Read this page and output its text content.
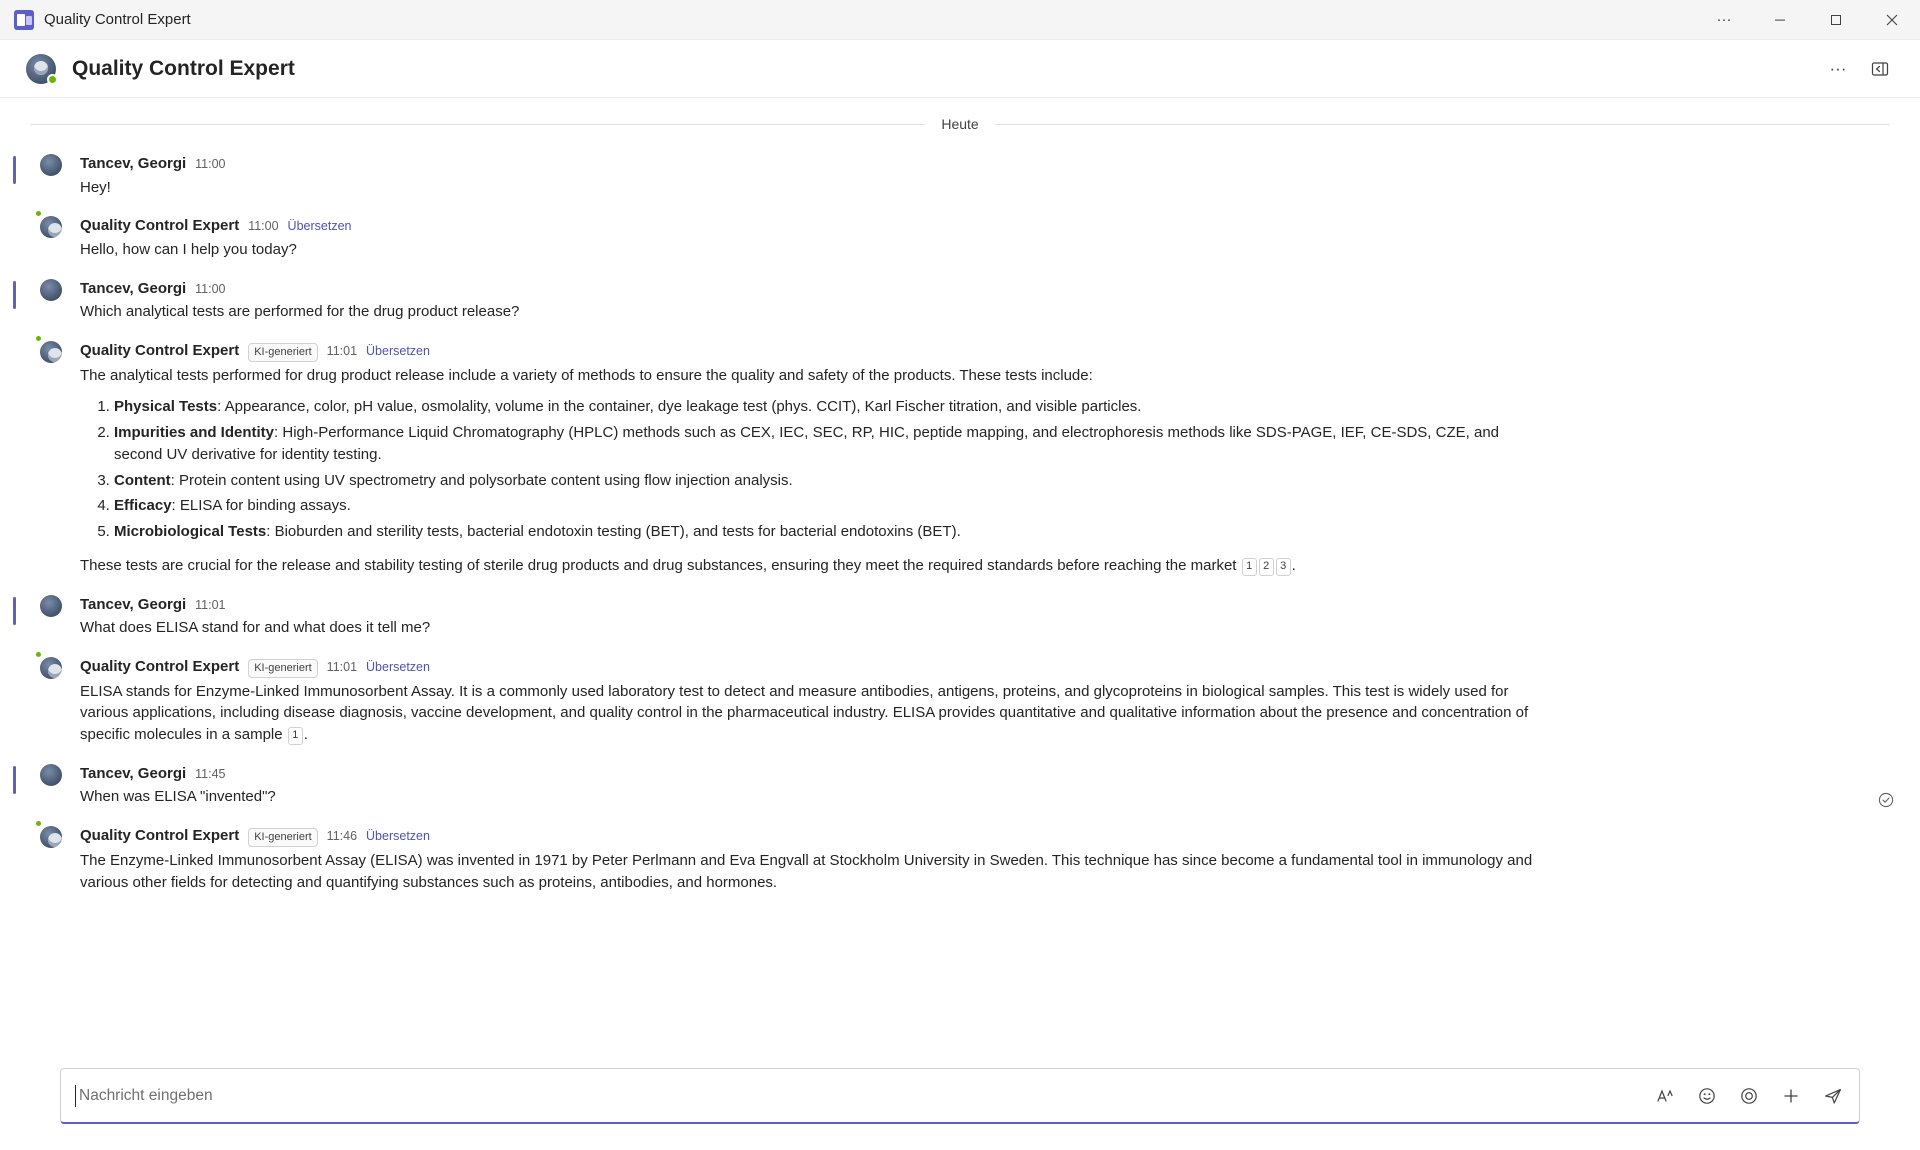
Quality Control Expert	···
Quality Control Expert	···
Heute
Tancev, Georgi 11:00

Hey!

Quality Control Expert 11:00 Übersetzen

Hello, how can I help you today?

Tancev, Georgi 11:00

Which analytical tests are performed for the drug product release?

Quality Control Expert	KI-generiert	11:01 Übersetzen

The analytical tests performed for drug product release include a variety of methods to ensure the quality and safety of the products. These tests include:

1. Physical Tests: Appearance, color, pH value, osmolality, volume in the container, dye leakage test (phys. CCIT), Karl Fischer titration, and visible particles.
2. Impurities and Identity: High-Performance Liquid Chromatography (HPLC) methods such as CEX, IEC, SEC, RP, HIC, peptide mapping, and electrophoresis methods like SDS-PAGE, IEF, CE-SDS, CZE, and second UV derivative for identity testing.
3. Content: Protein content using UV spectrometry and polysorbate content using flow injection analysis.
4. Efficacy: ELISA for binding assays.
5. Microbiological Tests: Bioburden and sterility tests, bacterial endotoxin testing (BET), and tests for bacterial endotoxins (BET).

These tests are crucial for the release and stability testing of sterile drug products and drug substances, ensuring they meet the required standards before reaching the market 1 2 3 .

Tancev, Georgi 11:01

What does ELISA stand for and what does it tell me?

Quality Control Expert	KI-generiert	11:01 Übersetzen

ELISA stands for Enzyme-Linked Immunosorbent Assay. It is a commonly used laboratory test to detect and measure antibodies, antigens, proteins, and glycoproteins in biological samples. This test is widely used for various applications, including disease diagnosis, vaccine development, and quality control in the pharmaceutical industry. ELISA provides quantitative and qualitative information about the presence and concentration of specific molecules in a sample 1 .

Tancev, Georgi 11:45

When was ELISA "invented"?

Quality Control Expert	KI-generiert	11:46 Übersetzen

The Enzyme-Linked Immunosorbent Assay (ELISA) was invented in 1971 by Peter Perlmann and Eva Engvall at Stockholm University in Sweden. This technique has since become a fundamental tool in immunology and various other fields for detecting and quantifying substances such as proteins, antibodies, and hormones.

Nachricht eingeben
